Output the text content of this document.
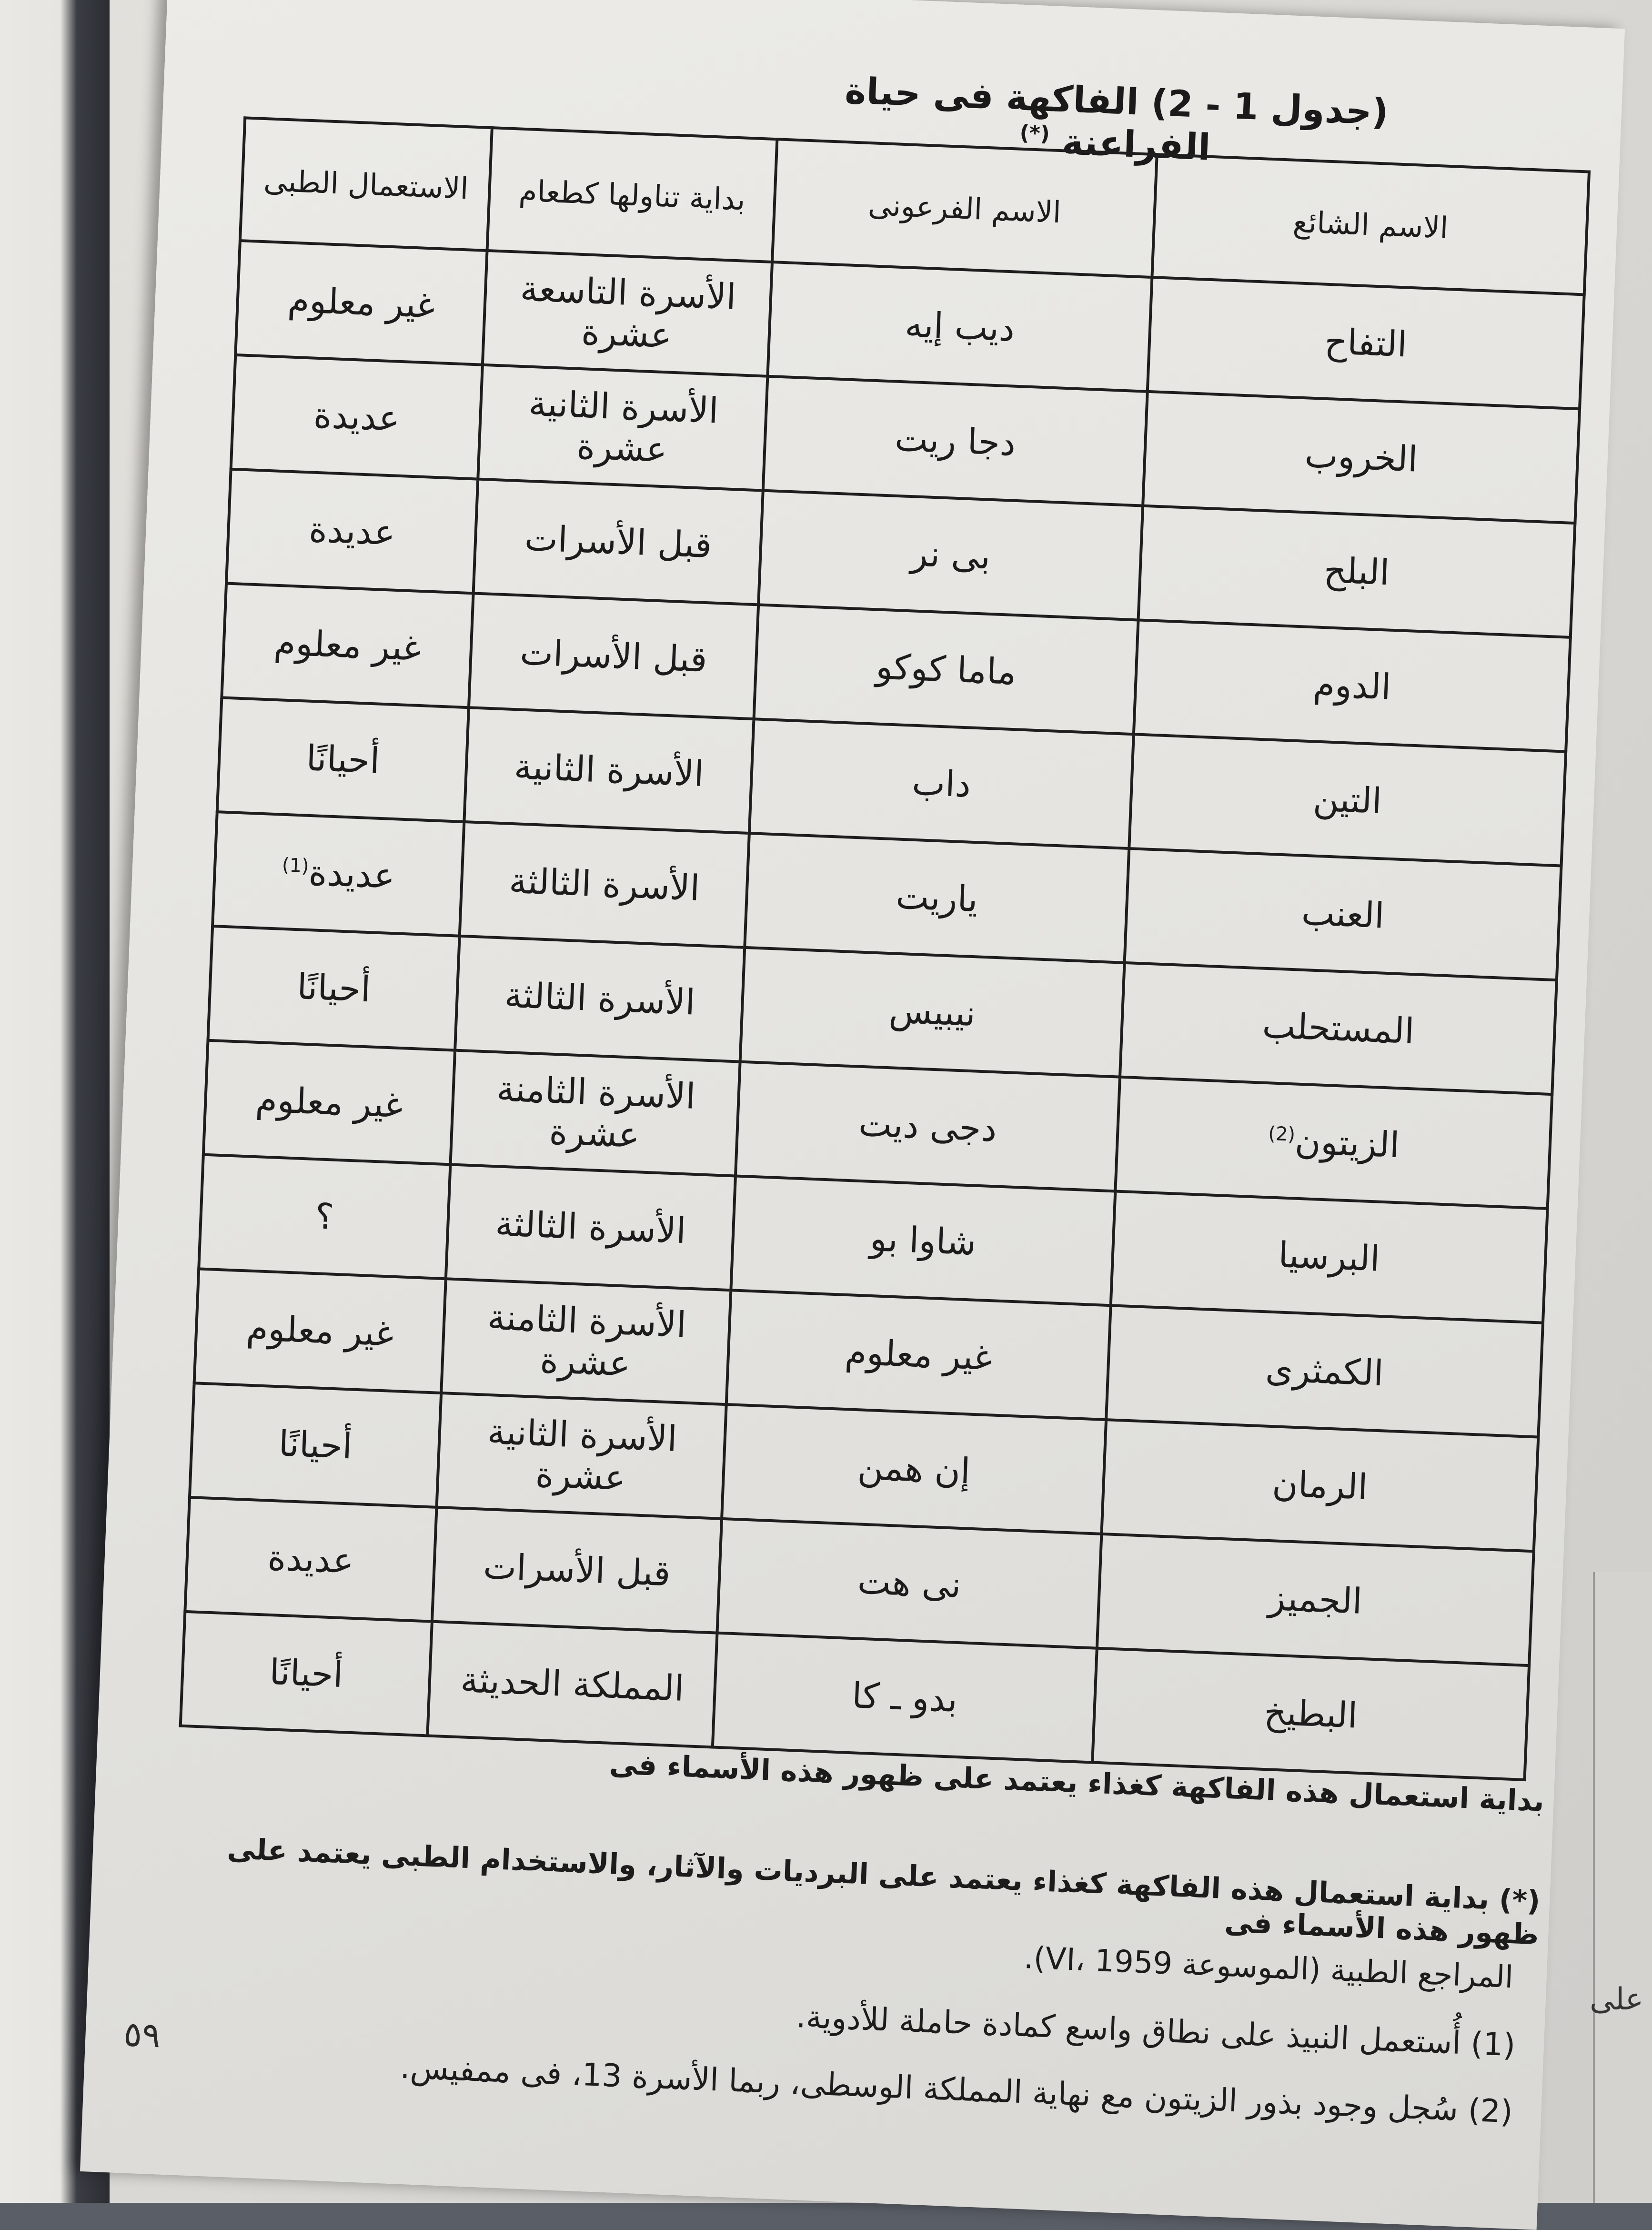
على
(جدول 1 - 2) الفاكهة فى حياة الفراعنة (*)
الاسم الشائع	الاسم الفرعونى	بداية تناولها كطعام	الاستعمال الطبى
التفاح	ديب إيه	الأسرة التاسعة عشرة	غير معلوم
الخروب	دجا ريت	الأسرة الثانية عشرة	عديدة
البلح	بى نر	قبل الأسرات	عديدة
الدوم	ماما كوكو	قبل الأسرات	غير معلوم
التين	داب	الأسرة الثانية	أحيانًا
العنب	ياريت	الأسرة الثالثة	عديدة$^{(1)}$
المستحلب	نيبيس	الأسرة الثالثة	أحيانًا
الزيتون$^{(2)}$	دجى ديت	الأسرة الثامنة عشرة	غير معلوم
البرسيا	شاوا بو	الأسرة الثالثة	؟
الكمثرى	غير معلوم	الأسرة الثامنة عشرة	غير معلوم
الرمان	إن همن	الأسرة الثانية عشرة	أحيانًا
الجميز	نى هت	قبل الأسرات	عديدة
البطيخ	بدو ـ كا	المملكة الحديثة	أحيانًا
بداية استعمال هذه الفاكهة كغذاء يعتمد على ظهور هذه الأسماء فى
(*) بداية استعمال هذه الفاكهة كغذاء يعتمد على البرديات والآثار، والاستخدام الطبى يعتمد على ظهور هذه الأسماء فى
المراجع الطبية (الموسوعة VI، 1959).
(1) أُستعمل النبيذ على نطاق واسع كمادة حاملة للأدوية.
(2) سُجل وجود بذور الزيتون مع نهاية المملكة الوسطى، ربما الأسرة 13، فى ممفيس.
٥٩
